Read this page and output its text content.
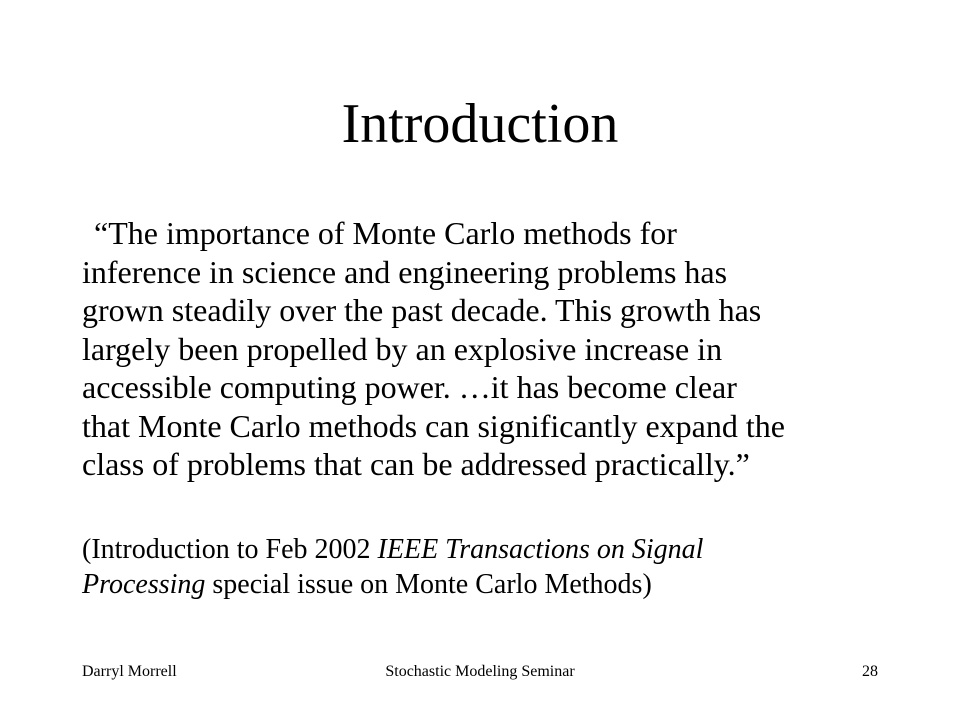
Introduction
“The importance of Monte Carlo methods for
inference in science and engineering problems has
grown steadily over the past decade. This growth has
largely been propelled by an explosive increase in
accessible computing power. …it has become clear
that Monte Carlo methods can significantly expand the
class of problems that can be addressed practically.”
(Introduction to Feb 2002 IEEE Transactions on Signal
Processing special issue on Monte Carlo Methods)
Darryl Morrell	Stochastic Modeling Seminar	28
